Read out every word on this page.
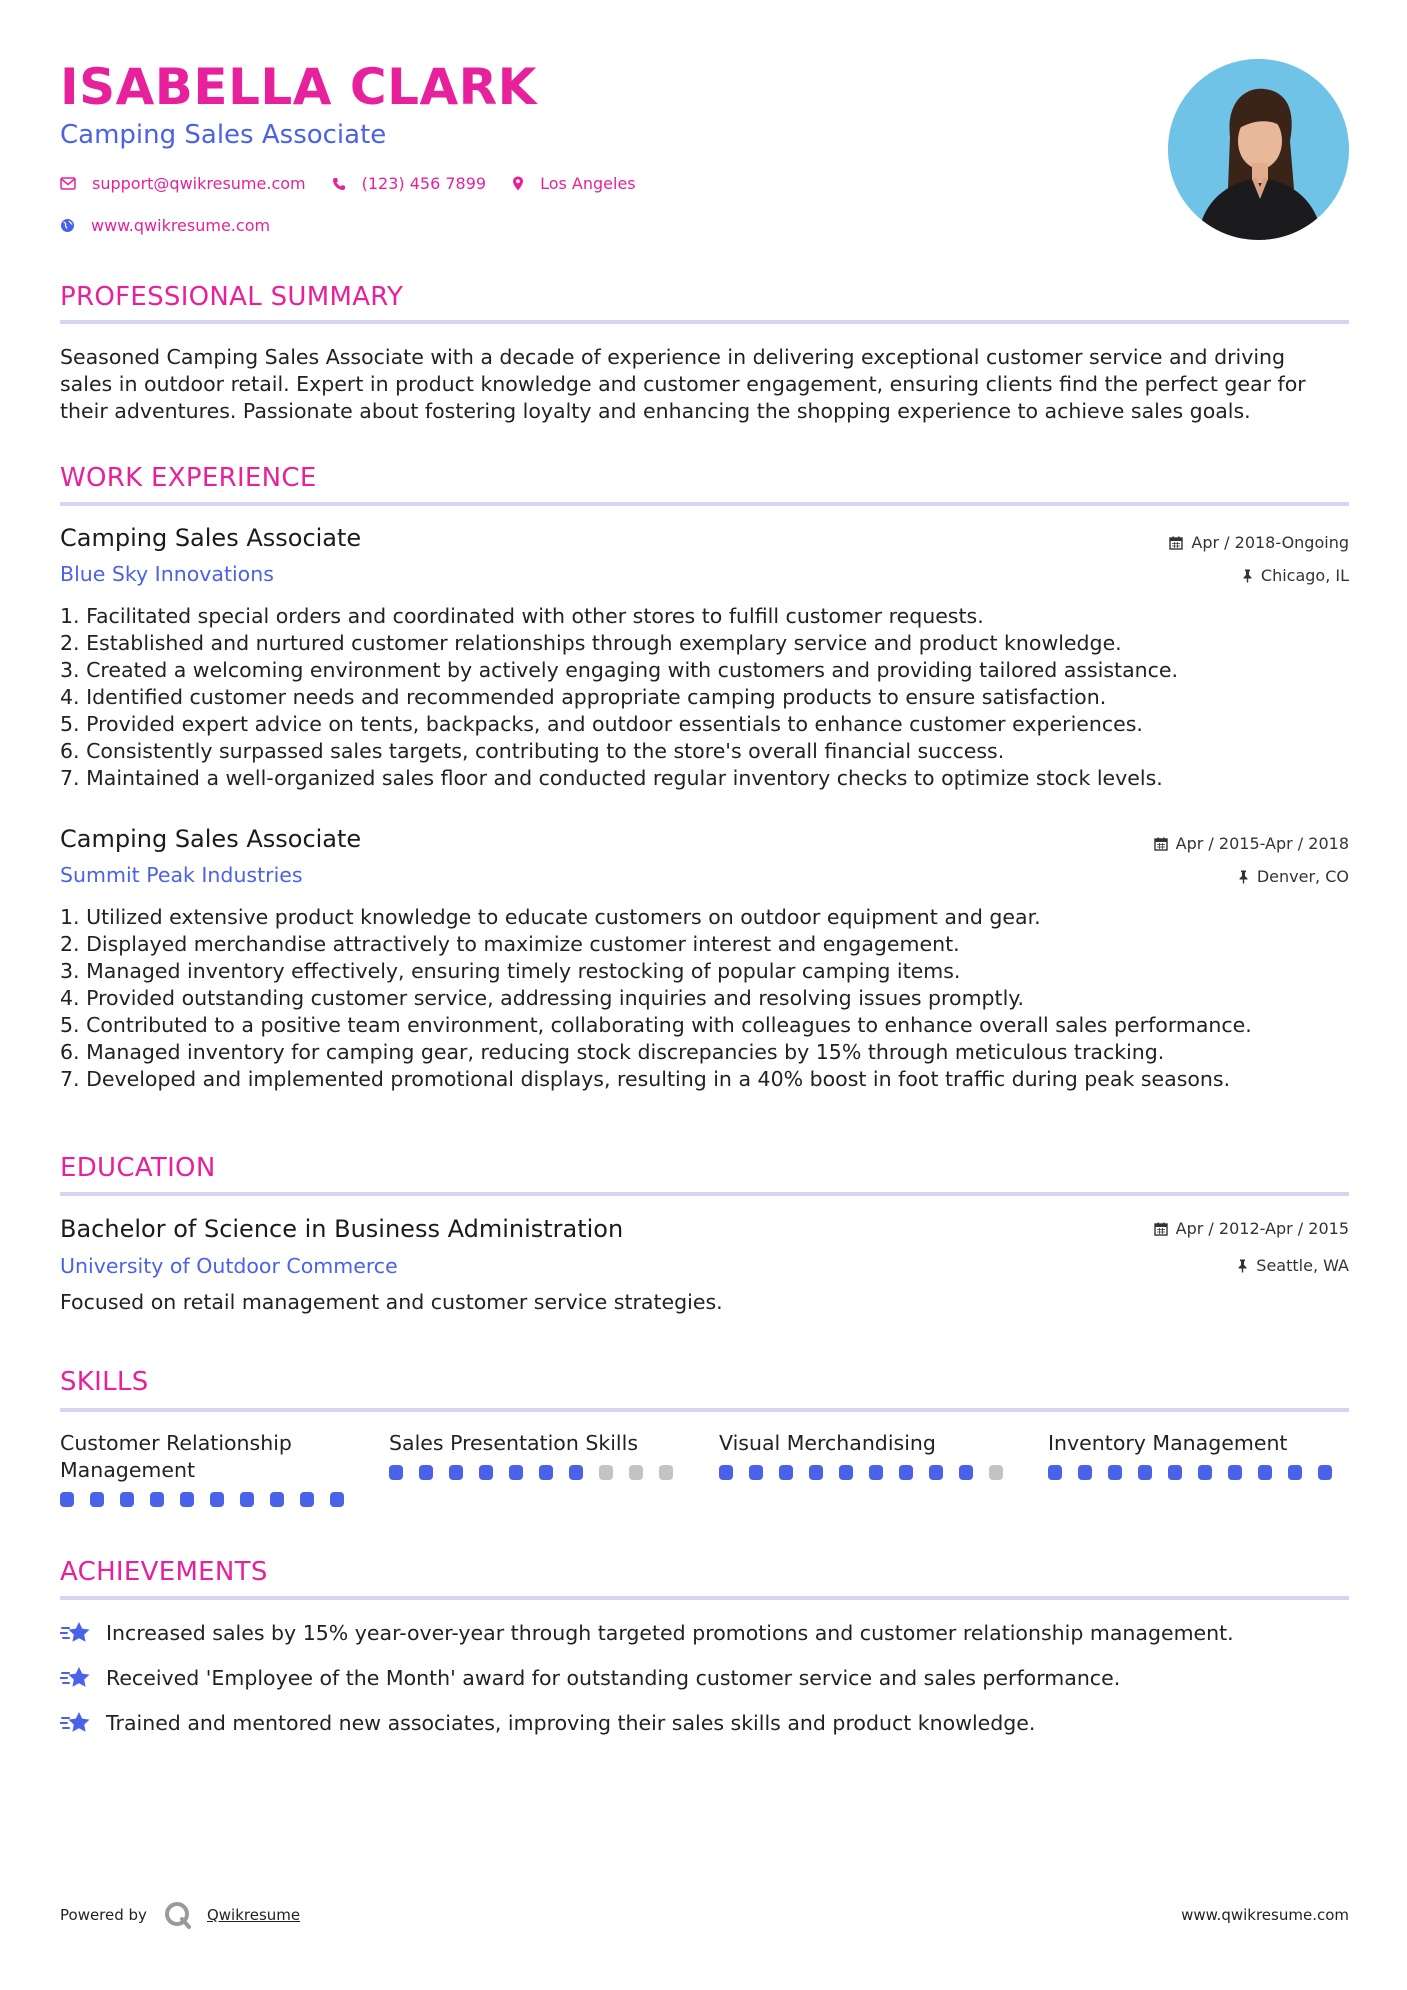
ISABELLA CLARK
Camping Sales Associate
support@qwikresume.com	(123) 456 7899	Los Angeles
www.qwikresume.com
PROFESSIONAL SUMMARY
Seasoned Camping Sales Associate with a decade of experience in delivering exceptional customer service and driving
sales in outdoor retail. Expert in product knowledge and customer engagement, ensuring clients find the perfect gear for
their adventures. Passionate about fostering loyalty and enhancing the shopping experience to achieve sales goals.
WORK EXPERIENCE
Camping Sales Associate
Blue Sky Innovations
Apr / 2018-Ongoing
Chicago, IL
1. Facilitated special orders and coordinated with other stores to fulfill customer requests.
2. Established and nurtured customer relationships through exemplary service and product knowledge.
3. Created a welcoming environment by actively engaging with customers and providing tailored assistance.
4. Identified customer needs and recommended appropriate camping products to ensure satisfaction.
5. Provided expert advice on tents, backpacks, and outdoor essentials to enhance customer experiences.
6. Consistently surpassed sales targets, contributing to the store's overall financial success.
7. Maintained a well-organized sales floor and conducted regular inventory checks to optimize stock levels.
Camping Sales Associate
Summit Peak Industries
Apr / 2015-Apr / 2018
Denver, CO
1. Utilized extensive product knowledge to educate customers on outdoor equipment and gear.
2. Displayed merchandise attractively to maximize customer interest and engagement.
3. Managed inventory effectively, ensuring timely restocking of popular camping items.
4. Provided outstanding customer service, addressing inquiries and resolving issues promptly.
5. Contributed to a positive team environment, collaborating with colleagues to enhance overall sales performance.
6. Managed inventory for camping gear, reducing stock discrepancies by 15% through meticulous tracking.
7. Developed and implemented promotional displays, resulting in a 40% boost in foot traffic during peak seasons.
EDUCATION
Bachelor of Science in Business Administration
University of Outdoor Commerce
Apr / 2012-Apr / 2015
Seattle, WA
Focused on retail management and customer service strategies.
SKILLS
Customer Relationship Management
Sales Presentation Skills	Visual Merchandising	Inventory Management
ACHIEVEMENTS
Increased sales by 15% year-over-year through targeted promotions and customer relationship management.
Received 'Employee of the Month' award for outstanding customer service and sales performance.
Trained and mentored new associates, improving their sales skills and product knowledge.
Powered by	Qwikresume	www.qwikresume.com
